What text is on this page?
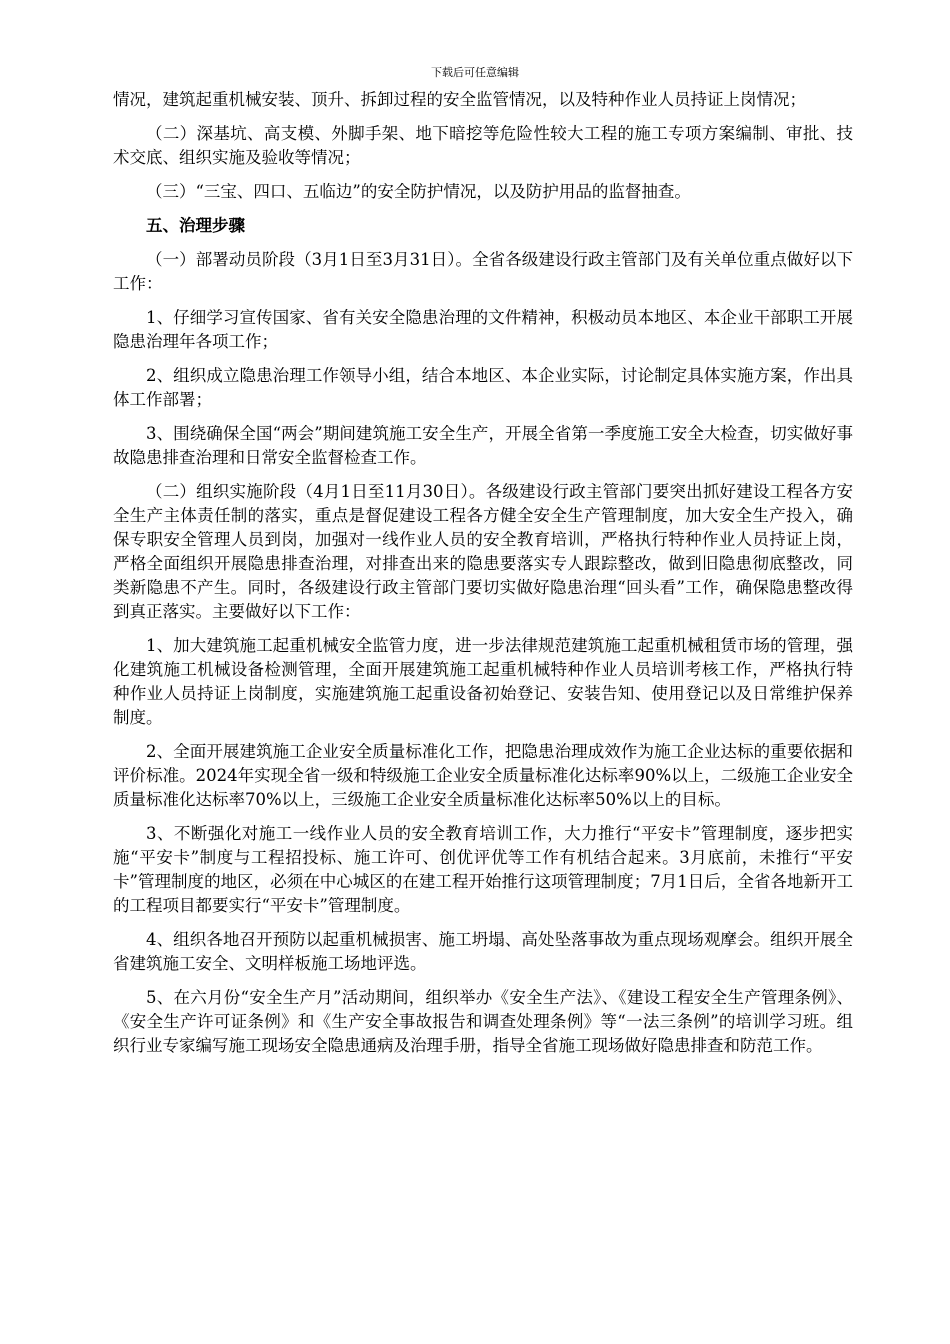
下载后可任意编辑

情况，建筑起重机械安装、顶升、拆卸过程的安全监管情况，以及特种作业人员持证上岗情况；

（二）深基坑、高支模、外脚手架、地下暗挖等危险性较大工程的施工专项方案编制、审批、技术交底、组织实施及验收等情况；

（三）“三宝、四口、五临边”的安全防护情况，以及防护用品的监督抽查。

五、治理步骤

（一）部署动员阶段（3月1日至3月31日）。全省各级建设行政主管部门及有关单位重点做好以下工作：

1、仔细学习宣传国家、省有关安全隐患治理的文件精神，积极动员本地区、本企业干部职工开展隐患治理年各项工作；

2、组织成立隐患治理工作领导小组，结合本地区、本企业实际，讨论制定具体实施方案，作出具体工作部署；

3、围绕确保全国“两会”期间建筑施工安全生产，开展全省第一季度施工安全大检查，切实做好事故隐患排查治理和日常安全监督检查工作。

（二）组织实施阶段（4月1日至11月30日）。各级建设行政主管部门要突出抓好建设工程各方安全生产主体责任制的落实，重点是督促建设工程各方健全安全生产管理制度，加大安全生产投入，确保专职安全管理人员到岗，加强对一线作业人员的安全教育培训，严格执行特种作业人员持证上岗，严格全面组织开展隐患排查治理，对排查出来的隐患要落实专人跟踪整改，做到旧隐患彻底整改，同类新隐患不产生。同时，各级建设行政主管部门要切实做好隐患治理“回头看”工作，确保隐患整改得到真正落实。主要做好以下工作：

1、加大建筑施工起重机械安全监管力度，进一步法律规范建筑施工起重机械租赁市场的管理，强化建筑施工机械设备检测管理，全面开展建筑施工起重机械特种作业人员培训考核工作，严格执行特种作业人员持证上岗制度，实施建筑施工起重设备初始登记、安装告知、使用登记以及日常维护保养制度。

2、全面开展建筑施工企业安全质量标准化工作，把隐患治理成效作为施工企业达标的重要依据和评价标准。2024年实现全省一级和特级施工企业安全质量标准化达标率90%以上，二级施工企业安全质量标准化达标率70%以上，三级施工企业安全质量标准化达标率50%以上的目标。

3、不断强化对施工一线作业人员的安全教育培训工作，大力推行“平安卡”管理制度，逐步把实施“平安卡”制度与工程招投标、施工许可、创优评优等工作有机结合起来。3月底前，未推行“平安卡”管理制度的地区，必须在中心城区的在建工程开始推行这项管理制度；7月1日后，全省各地新开工的工程项目都要实行“平安卡”管理制度。

4、组织各地召开预防以起重机械损害、施工坍塌、高处坠落事故为重点现场观摩会。组织开展全省建筑施工安全、文明样板施工场地评选。

5、在六月份“安全生产月”活动期间，组织举办《安全生产法》、《建设工程安全生产管理条例》、《安全生产许可证条例》和《生产安全事故报告和调查处理条例》等“一法三条例”的培训学习班。组织行业专家编写施工现场安全隐患通病及治理手册，指导全省施工现场做好隐患排查和防范工作。
